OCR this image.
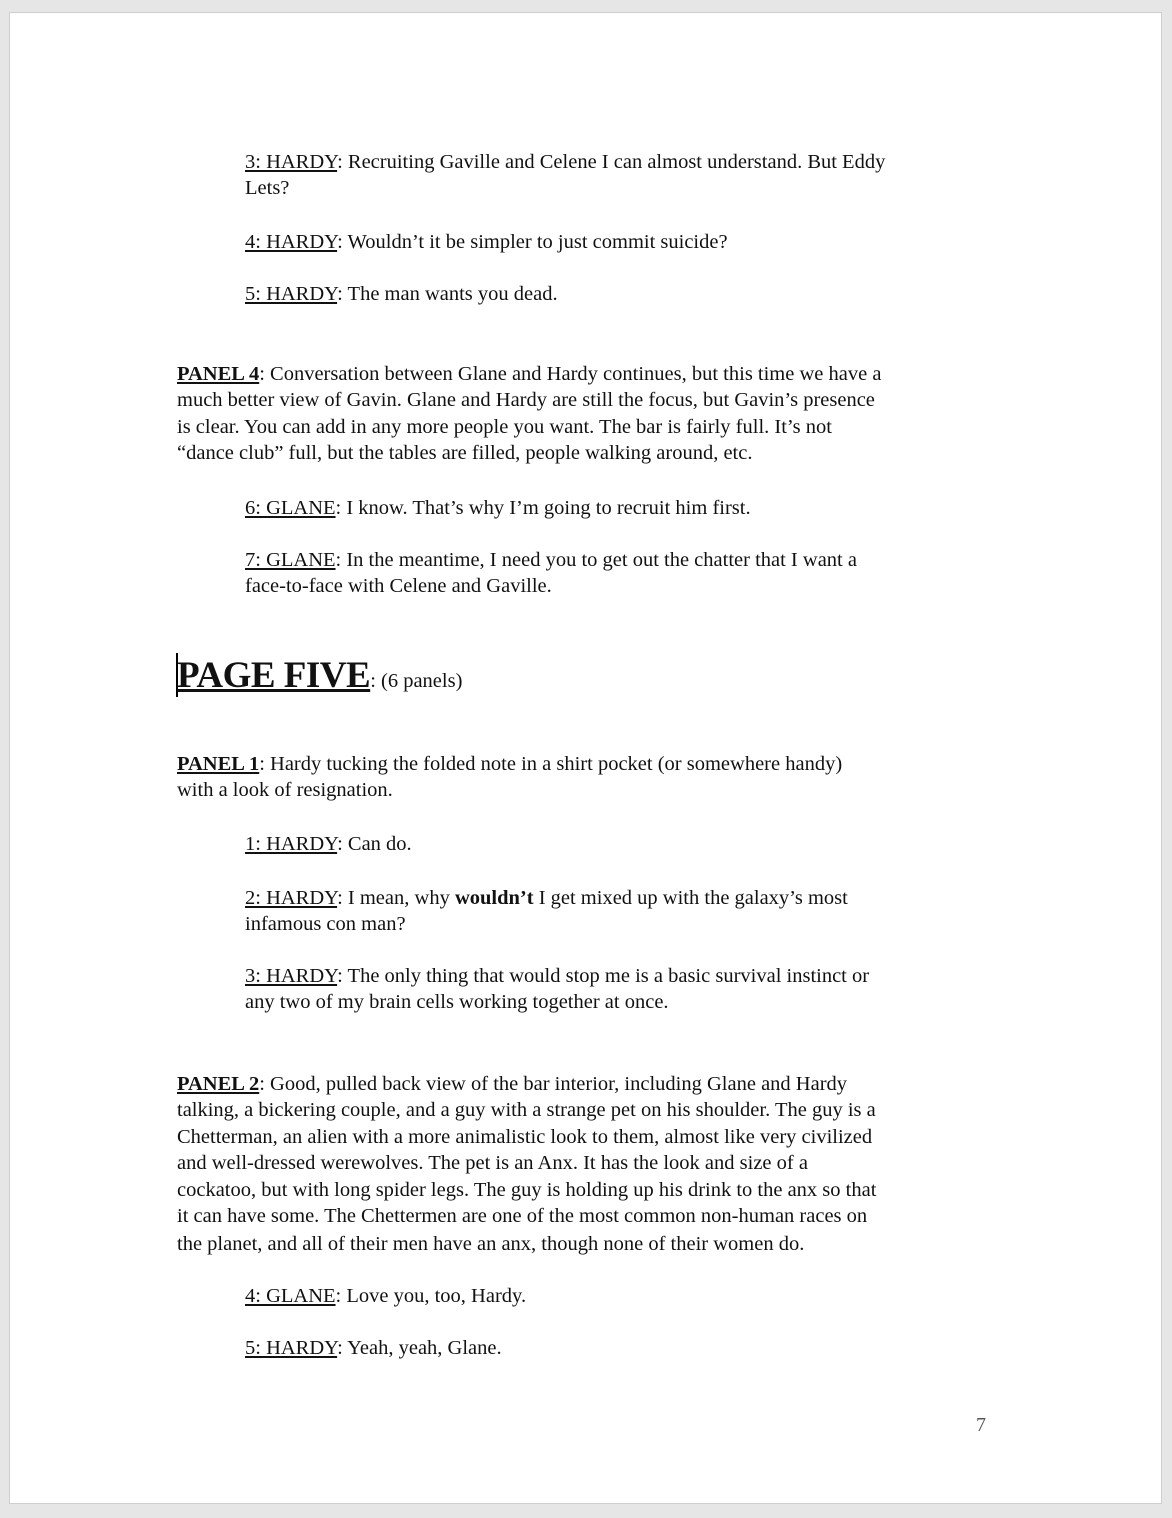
3: HARDY: Recruiting Gaville and Celene I can almost understand. But Eddy

Lets?

4: HARDY: Wouldn’t it be simpler to just commit suicide?

5: HARDY: The man wants you dead.

PANEL 4: Conversation between Glane and Hardy continues, but this time we have a

much better view of Gavin. Glane and Hardy are still the focus, but Gavin’s presence

is clear. You can add in any more people you want. The bar is fairly full. It’s not

“dance club” full, but the tables are filled, people walking around, etc.

6: GLANE: I know. That’s why I’m going to recruit him first.

7: GLANE: In the meantime, I need you to get out the chatter that I want a

face-to-face with Celene and Gaville.

PAGE FIVE: (6 panels)

PANEL 1: Hardy tucking the folded note in a shirt pocket (or somewhere handy)

with a look of resignation.

1: HARDY: Can do.

2: HARDY: I mean, why wouldn’t I get mixed up with the galaxy’s most

infamous con man?

3: HARDY: The only thing that would stop me is a basic survival instinct or

any two of my brain cells working together at once.

PANEL 2: Good, pulled back view of the bar interior, including Glane and Hardy

talking, a bickering couple, and a guy with a strange pet on his shoulder. The guy is a

Chetterman, an alien with a more animalistic look to them, almost like very civilized

and well-dressed werewolves. The pet is an Anx. It has the look and size of a

cockatoo, but with long spider legs. The guy is holding up his drink to the anx so that

it can have some. The Chettermen are one of the most common non-human races on

the planet, and all of their men have an anx, though none of their women do.

4: GLANE: Love you, too, Hardy.

5: HARDY: Yeah, yeah, Glane.

7
